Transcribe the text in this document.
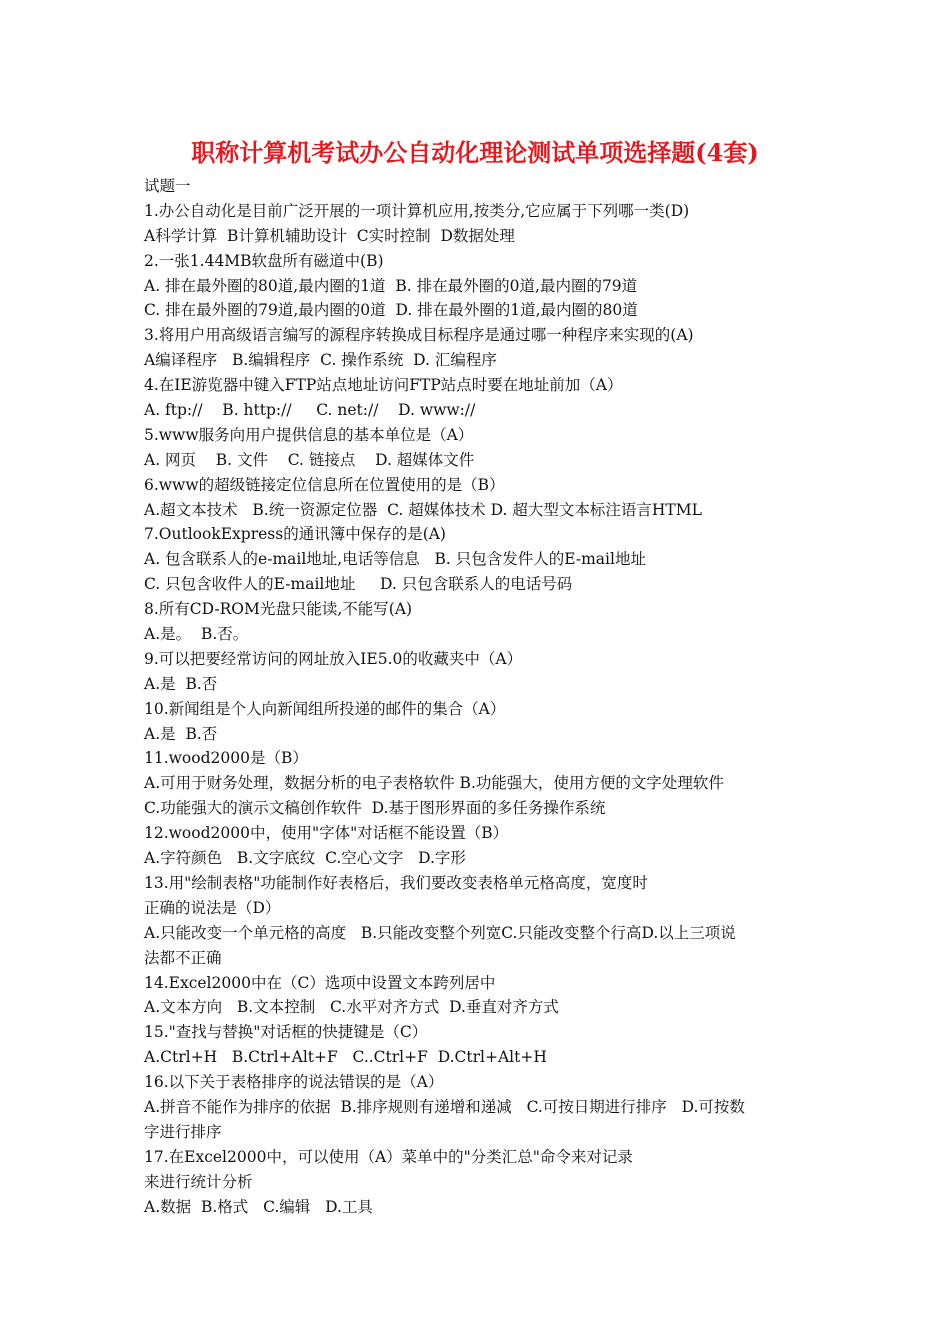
职称计算机考试办公自动化理论测试单项选择题(4套)
试题一
1.办公自动化是目前广泛开展的一项计算机应用,按类分,它应属于下列哪一类(D)
A科学计算  B计算机辅助设计  C实时控制  D数据处理
2.一张1.44MB软盘所有磁道中(B)
A. 排在最外圈的80道,最内圈的1道  B. 排在最外圈的0道,最内圈的79道
C. 排在最外圈的79道,最内圈的0道  D. 排在最外圈的1道,最内圈的80道
3.将用户用高级语言编写的源程序转换成目标程序是通过哪一种程序来实现的(A)
A编译程序   B.编辑程序  C. 操作系统  D. 汇编程序
4.在IE游览器中键入FTP站点地址访问FTP站点时要在地址前加（A）
A. ftp://    B. http://     C. net://    D. www://
5.www服务向用户提供信息的基本单位是（A）
A. 网页    B. 文件    C. 链接点    D. 超媒体文件
6.www的超级链接定位信息所在位置使用的是（B）
A.超文本技术   B.统一资源定位器  C. 超媒体技术 D. 超大型文本标注语言HTML
7.OutlookExpress的通讯簿中保存的是(A)
A. 包含联系人的e-mail地址,电话等信息   B. 只包含发件人的E-mail地址
C. 只包含收件人的E-mail地址     D. 只包含联系人的电话号码
8.所有CD-ROM光盘只能读,不能写(A)
A.是。  B.否。
9.可以把要经常访问的网址放入IE5.0的收藏夹中（A）
A.是  B.否
10.新闻组是个人向新闻组所投递的邮件的集合（A）
A.是  B.否
11.wood2000是（B）
A.可用于财务处理，数据分析的电子表格软件 B.功能强大，使用方便的文字处理软件
C.功能强大的演示文稿创作软件  D.基于图形界面的多任务操作系统
12.wood2000中，使用"字体"对话框不能设置（B）
A.字符颜色   B.文字底纹  C.空心文字   D.字形
13.用"绘制表格"功能制作好表格后，我们要改变表格单元格高度，宽度时
正确的说法是（D）
A.只能改变一个单元格的高度   B.只能改变整个列宽C.只能改变整个行高D.以上三项说
法都不正确
14.Excel2000中在（C）选项中设置文本跨列居中
A.文本方向   B.文本控制   C.水平对齐方式  D.垂直对齐方式
15."查找与替换"对话框的快捷键是（C）
A.Ctrl+H   B.Ctrl+Alt+F   C..Ctrl+F  D.Ctrl+Alt+H
16.以下关于表格排序的说法错误的是（A）
A.拼音不能作为排序的依据  B.排序规则有递增和递减   C.可按日期进行排序   D.可按数
字进行排序
17.在Excel2000中，可以使用（A）菜单中的"分类汇总"命令来对记录
来进行统计分析
A.数据  B.格式   C.编辑   D.工具
